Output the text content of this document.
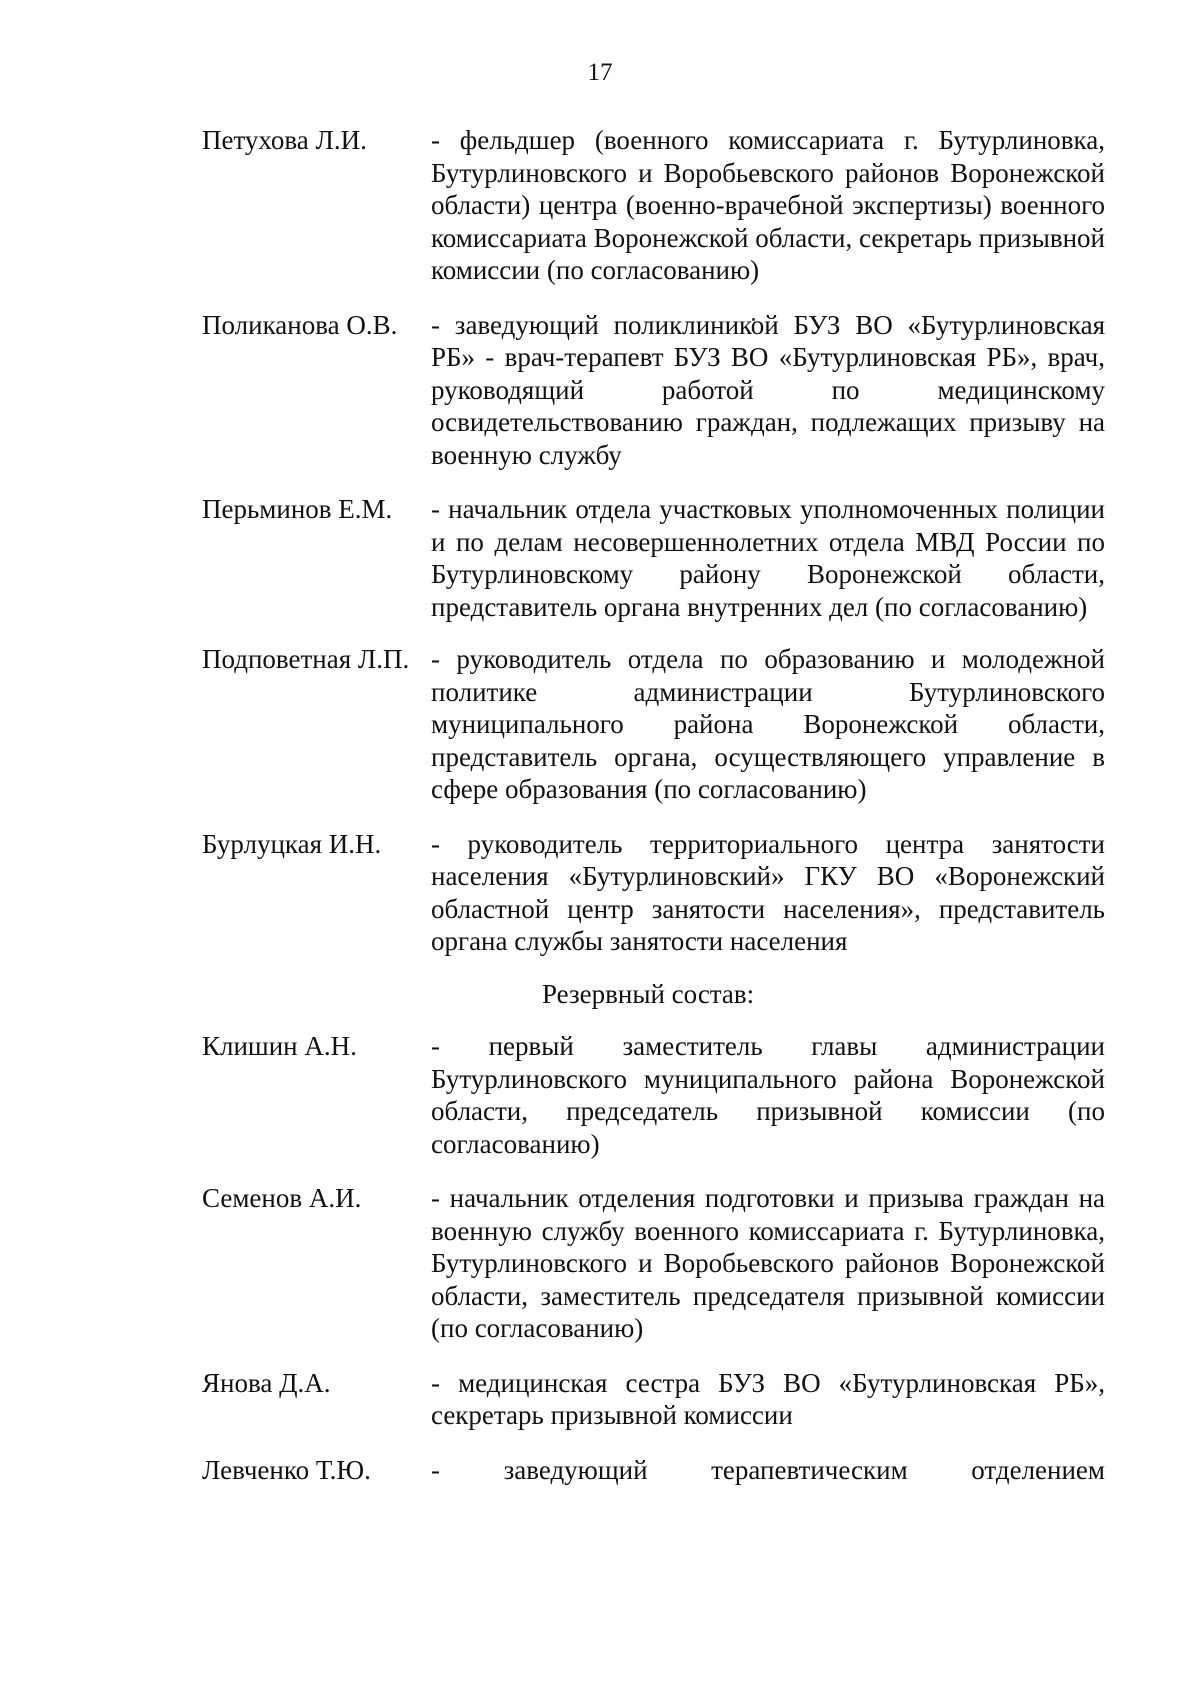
17
Петухова Л.И.	- фельдшер (военного комиссариата г. Бутурлиновка, Бутурлиновского и Воробьевского районов Воронежской области) центра (военно-врачебной экспертизы) военного комиссариата Воронежской области, секретарь призывной комиссии (по согласованию)
Поликанова О.В.	- заведующий поликлиникой БУЗ ВО «Бутурлиновская РБ» - врач-терапевт БУЗ ВО «Бутурлиновская РБ», врач, руководящий работой по медицинскому освидетельствованию граждан, подлежащих призыву на военную службу
Перьминов Е.М.	- начальник отдела участковых уполномоченных полиции и по делам несовершеннолетних отдела МВД России по Бутурлиновскому району Воронежской области, представитель органа внутренних дел (по согласованию)
Подповетная Л.П. - руководитель отдела по образованию и молодежной политике администрации Бутурлиновского муниципального района Воронежской области, представитель органа, осуществляющего управление в сфере образования (по согласованию)
Бурлуцкая И.Н.	- руководитель территориального центра занятости населения «Бутурлиновский» ГКУ ВО «Воронежский областной центр занятости населения», представитель органа службы занятости населения
Резервный состав:
Клишин А.Н.	- первый заместитель главы администрации Бутурлиновского муниципального района Воронежской области, председатель призывной комиссии (по согласованию)
Семенов А.И.	- начальник отделения подготовки и призыва граждан на военную службу военного комиссариата г. Бутурлиновка, Бутурлиновского и Воробьевского районов Воронежской области, заместитель председателя призывной комиссии (по согласованию)
Янова Д.А.	- медицинская сестра БУЗ ВО «Бутурлиновская РБ», секретарь призывной комиссии
Левченко Т.Ю.	- заведующий терапевтическим отделением
